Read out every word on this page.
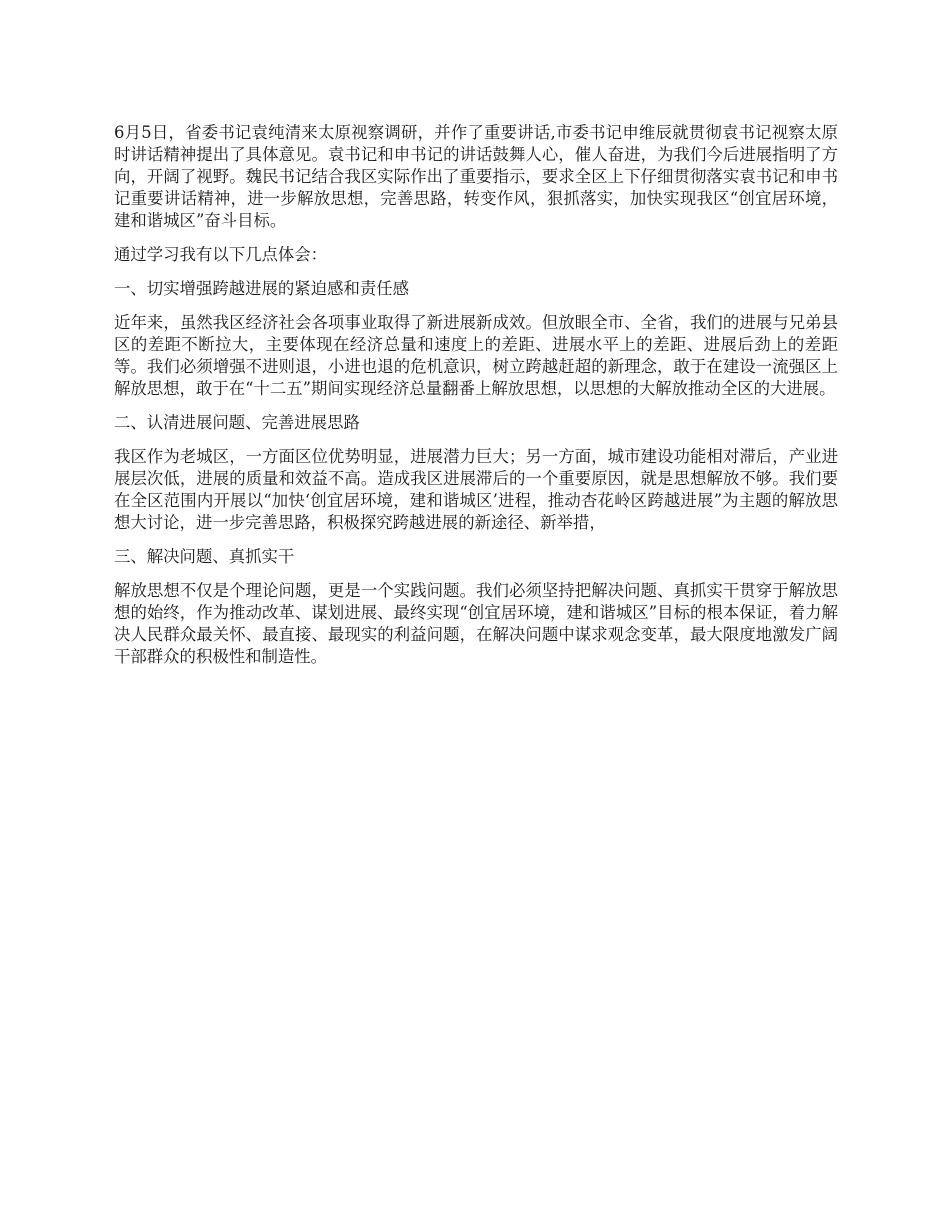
6月5日，省委书记袁纯清来太原视察调研，并作了重要讲话,市委书记申维辰就贯彻袁书记视察太原时讲话精神提出了具体意见。袁书记和申书记的讲话鼓舞人心，催人奋进，为我们今后进展指明了方向，开阔了视野。魏民书记结合我区实际作出了重要指示，要求全区上下仔细贯彻落实袁书记和申书记重要讲话精神，进一步解放思想，完善思路，转变作风，狠抓落实，加快实现我区“创宜居环境，建和谐城区”奋斗目标。

通过学习我有以下几点体会：

一、切实增强跨越进展的紧迫感和责任感

近年来，虽然我区经济社会各项事业取得了新进展新成效。但放眼全市、全省，我们的进展与兄弟县区的差距不断拉大，主要体现在经济总量和速度上的差距、进展水平上的差距、进展后劲上的差距等。我们必须增强不进则退，小进也退的危机意识，树立跨越赶超的新理念，敢于在建设一流强区上解放思想，敢于在“十二五”期间实现经济总量翻番上解放思想，以思想的大解放推动全区的大进展。

二、认清进展问题、完善进展思路

我区作为老城区，一方面区位优势明显，进展潜力巨大；另一方面，城市建设功能相对滞后，产业进展层次低，进展的质量和效益不高。造成我区进展滞后的一个重要原因，就是思想解放不够。我们要在全区范围内开展以“加快‘创宜居环境，建和谐城区’进程，推动杏花岭区跨越进展”为主题的解放思想大讨论，进一步完善思路，积极探究跨越进展的新途径、新举措，

三、解决问题、真抓实干

解放思想不仅是个理论问题，更是一个实践问题。我们必须坚持把解决问题、真抓实干贯穿于解放思想的始终，作为推动改革、谋划进展、最终实现“创宜居环境，建和谐城区”目标的根本保证，着力解决人民群众最关怀、最直接、最现实的利益问题，在解决问题中谋求观念变革，最大限度地激发广阔干部群众的积极性和制造性。
